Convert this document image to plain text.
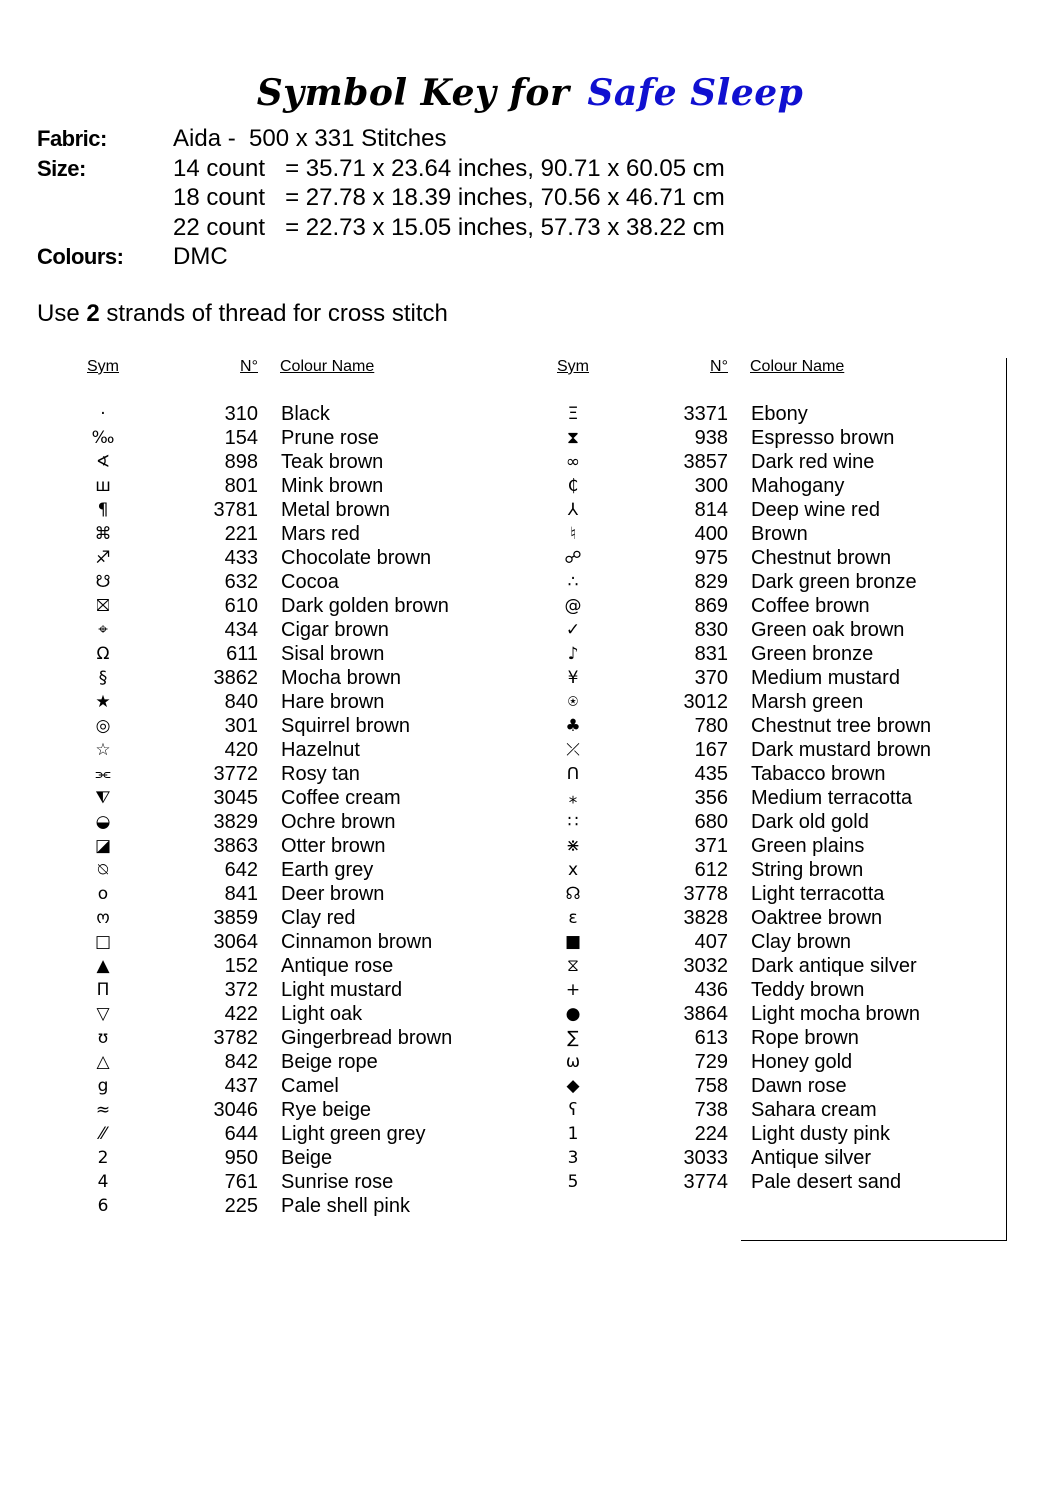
Symbol Key for Safe Sleep
Fabric:	Aida -  500 x 331 Stitches
Size:	14 count   = 35.71 x 23.64 inches, 90.71 x 60.05 cm
18 count   = 27.78 x 18.39 inches, 70.56 x 46.71 cm
22 count   = 22.73 x 15.05 inches, 57.73 x 38.22 cm
Colours:	DMC
Use 2 strands of thread for cross stitch
Sym	N°	Colour Name
·	310	Black
‰	154	Prune rose
∢	898	Teak brown
ш	801	Mink brown
¶	3781	Metal brown
⌘	221	Mars red
♐	433	Chocolate brown
☋	632	Cocoa
⛝	610	Dark golden brown
⌖	434	Cigar brown
Ω	611	Sisal brown
§	3862	Mocha brown
★	840	Hare brown
◎	301	Squirrel brown
☆	420	Hazelnut
⫘	3772	Rosy tan
⧨	3045	Coffee cream
◒	3829	Ochre brown
◪	3863	Otter brown
⍉	642	Earth grey
o	841	Deer brown
ო	3859	Clay red
□	3064	Cinnamon brown
▲	152	Antique rose
Π	372	Light mustard
▽	422	Light oak
ʊ	3782	Gingerbread brown
△	842	Beige rope
g	437	Camel
≈	3046	Rye beige
⁄⁄	644	Light green grey
2	950	Beige
4	761	Sunrise rose
6	225	Pale shell pink
Sym	N°	Colour Name
Ξ	3371	Ebony
⧗	938	Espresso brown
∞	3857	Dark red wine
₵	300	Mahogany
⅄	814	Deep wine red
♮	400	Brown
☍	975	Chestnut brown
∴	829	Dark green bronze
@	869	Coffee brown
✓	830	Green oak brown
♪	831	Green bronze
¥	370	Medium mustard
⍟	3012	Marsh green
♣	780	Chestnut tree brown
⤫	167	Dark mustard brown
ᑎ	435	Tabacco brown
⁎	356	Medium terracotta
∷	680	Dark old gold
⋇	371	Green plains
x	612	String brown
☊	3778	Light terracotta
ε	3828	Oaktree brown
■	407	Clay brown
⧖	3032	Dark antique silver
+	436	Teddy brown
●	3864	Light mocha brown
∑	613	Rope brown
ω	729	Honey gold
◆	758	Dawn rose
ʕ	738	Sahara cream
1	224	Light dusty pink
3	3033	Antique silver
5	3774	Pale desert sand
